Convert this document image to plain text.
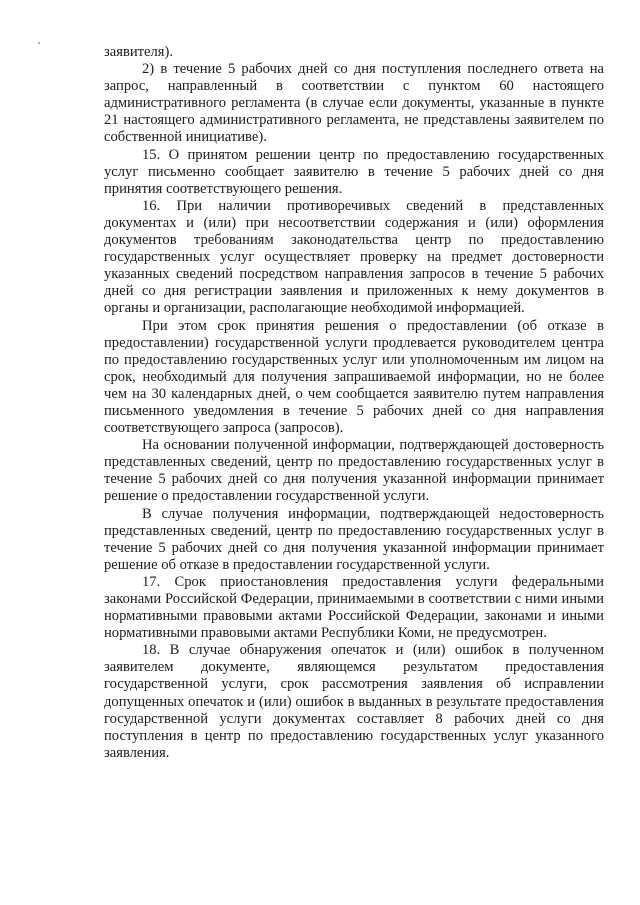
заявителя).

2) в течение 5 рабочих дней со дня поступления последнего ответа на запрос, направленный в соответствии с пунктом 60 настоящего административного регламента (в случае если документы, указанные в пункте 21 настоящего административного регламента, не представлены заявителем по собственной инициативе).

15. О принятом решении центр по предоставлению государственных услуг письменно сообщает заявителю в течение 5 рабочих дней со дня принятия соответствующего решения.

16. При наличии противоречивых сведений в представленных документах и (или) при несоответствии содержания и (или) оформления документов требованиям законодательства центр по предоставлению государственных услуг осуществляет проверку на предмет достоверности указанных сведений посредством направления запросов в течение 5 рабочих дней со дня регистрации заявления и приложенных к нему документов в органы и организации, располагающие необходимой информацией.

При этом срок принятия решения о предоставлении (об отказе в предоставлении) государственной услуги продлевается руководителем центра по предоставлению государственных услуг или уполномоченным им лицом на срок, необходимый для получения запрашиваемой информации, но не более чем на 30 календарных дней, о чем сообщается заявителю путем направления письменного уведомления в течение 5 рабочих дней со дня направления соответствующего запроса (запросов).

На основании полученной информации, подтверждающей достоверность представленных сведений, центр по предоставлению государственных услуг в течение 5 рабочих дней со дня получения указанной информации принимает решение о предоставлении государственной услуги.

В случае получения информации, подтверждающей недостоверность представленных сведений, центр по предоставлению государственных услуг в течение 5 рабочих дней со дня получения указанной информации принимает решение об отказе в предоставлении государственной услуги.

17. Срок приостановления предоставления услуги федеральными законами Российской Федерации, принимаемыми в соответствии с ними иными нормативными правовыми актами Российской Федерации, законами и иными нормативными правовыми актами Республики Коми, не предусмотрен.

18. В случае обнаружения опечаток и (или) ошибок в полученном заявителем документе, являющемся результатом предоставления государственной услуги, срок рассмотрения заявления об исправлении допущенных опечаток и (или) ошибок в выданных в результате предоставления государственной услуги документах составляет 8 рабочих дней со дня поступления в центр по предоставлению государственных услуг указанного заявления.
